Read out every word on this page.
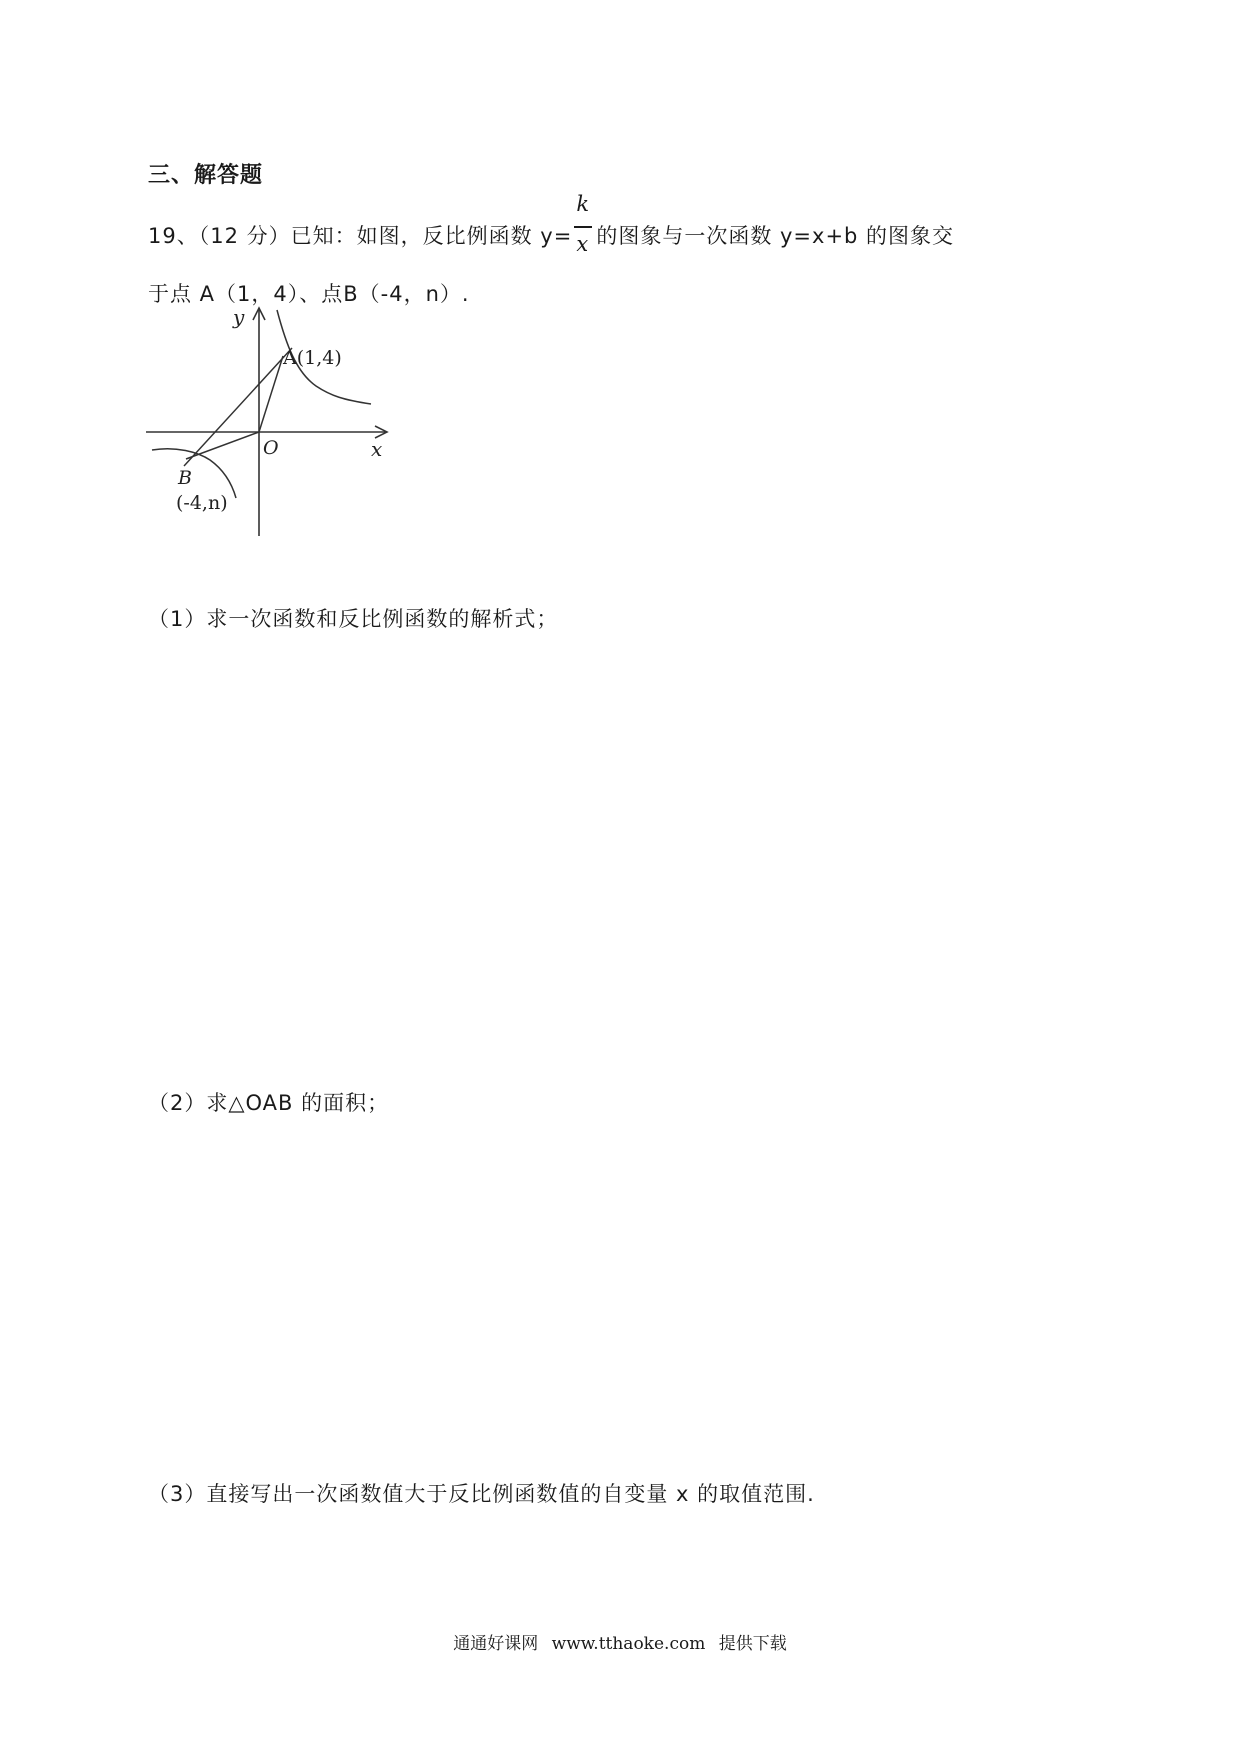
三、解答题
19、（12 分）已知：如图，反比例函数 $y= \frac{k}{x}$ 的图象与一次函数 y=x+b 的图象交
于点 A（1，4）、点B（-4，n）.
y
x
O
A(1,4)
B
(-4,n)
（1）求一次函数和反比例函数的解析式；
（2）求△OAB 的面积；
（3）直接写出一次函数值大于反比例函数值的自变量 x 的取值范围.
通通好课网 www.tthaoke.com 提供下载
